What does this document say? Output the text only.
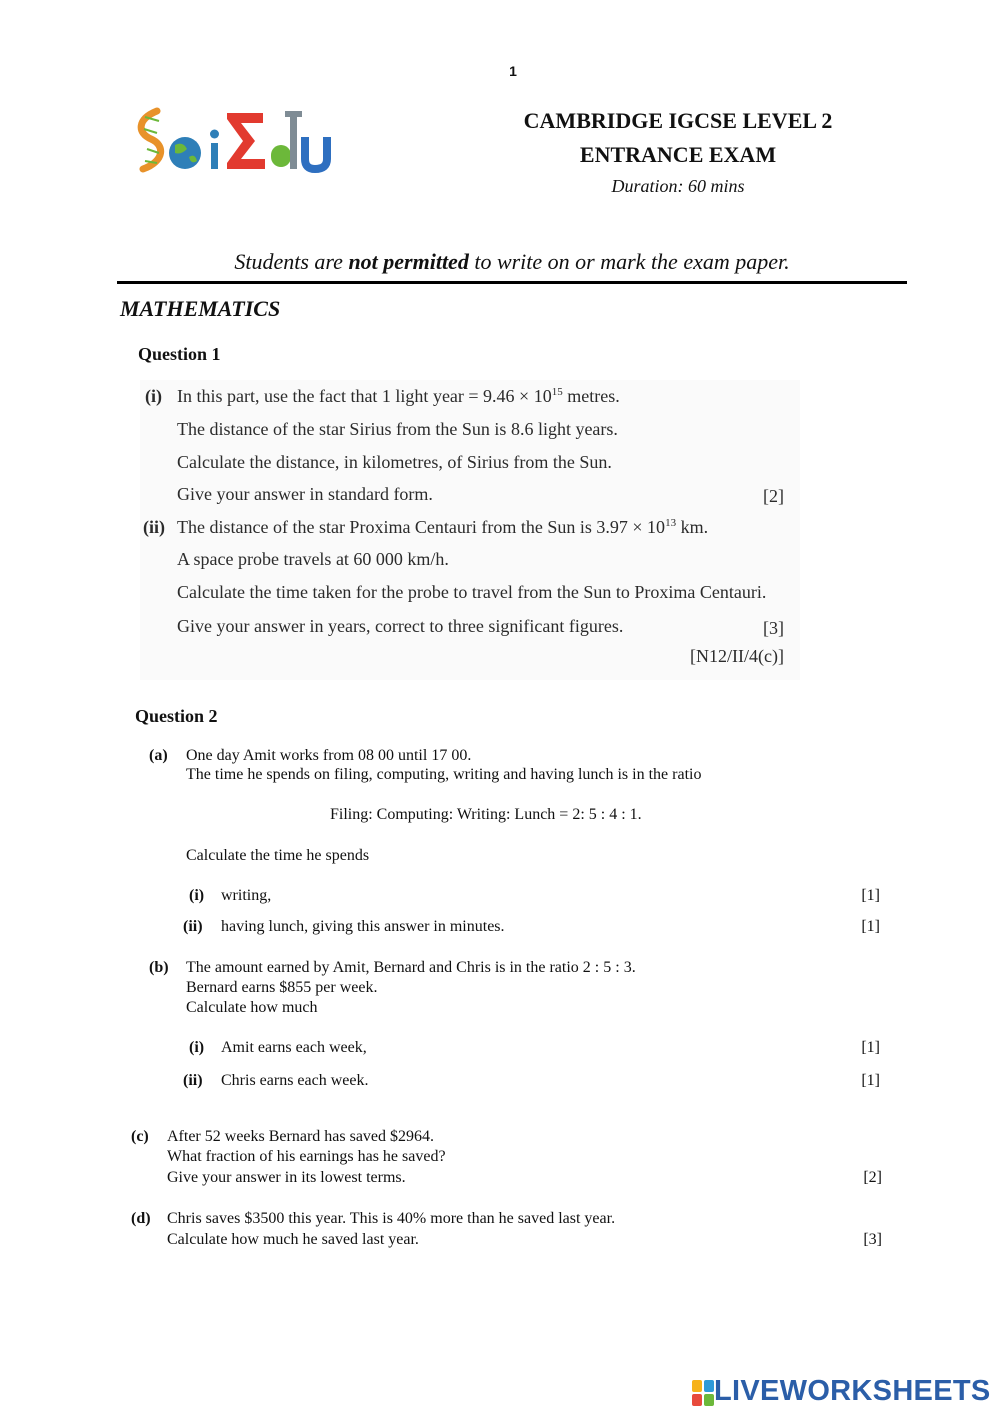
1
SciΣdu
CAMBRIDGE IGCSE LEVEL 2
ENTRANCE EXAM
Duration: 60 mins
Students are not permitted to write on or mark the exam paper.
MATHEMATICS
Question 1
(i) In this part, use the fact that 1 light year = $9.46 \times 10^{15}$ metres.
The distance of the star Sirius from the Sun is 8.6 light years.
Calculate the distance, in kilometres, of Sirius from the Sun.
Give your answer in standard form.	[2]
(ii) The distance of the star Proxima Centauri from the Sun is $3.97 \times 10^{13}$ km.
A space probe travels at 60 000 km/h.
Calculate the time taken for the probe to travel from the Sun to Proxima Centauri.
Give your answer in years, correct to three significant figures.	[3]
[N12/II/4(c)]
Question 2
(a) One day Amit works from 08 00 until 17 00.
The time he spends on filing, computing, writing and having lunch is in the ratio
Filing: Computing: Writing: Lunch = 2: 5 : 4 : 1.
Calculate the time he spends
(i) writing,	[1]
(ii) having lunch, giving this answer in minutes.	[1]
(b) The amount earned by Amit, Bernard and Chris is in the ratio 2 : 5 : 3.
Bernard earns $855 per week.
Calculate how much
(i) Amit earns each week,	[1]
(ii) Chris earns each week.	[1]
(c) After 52 weeks Bernard has saved $2964.
What fraction of his earnings has he saved?
Give your answer in its lowest terms.	[2]
(d) Chris saves $3500 this year. This is 40% more than he saved last year.
Calculate how much he saved last year.	[3]
LIVEWORKSHEETS
